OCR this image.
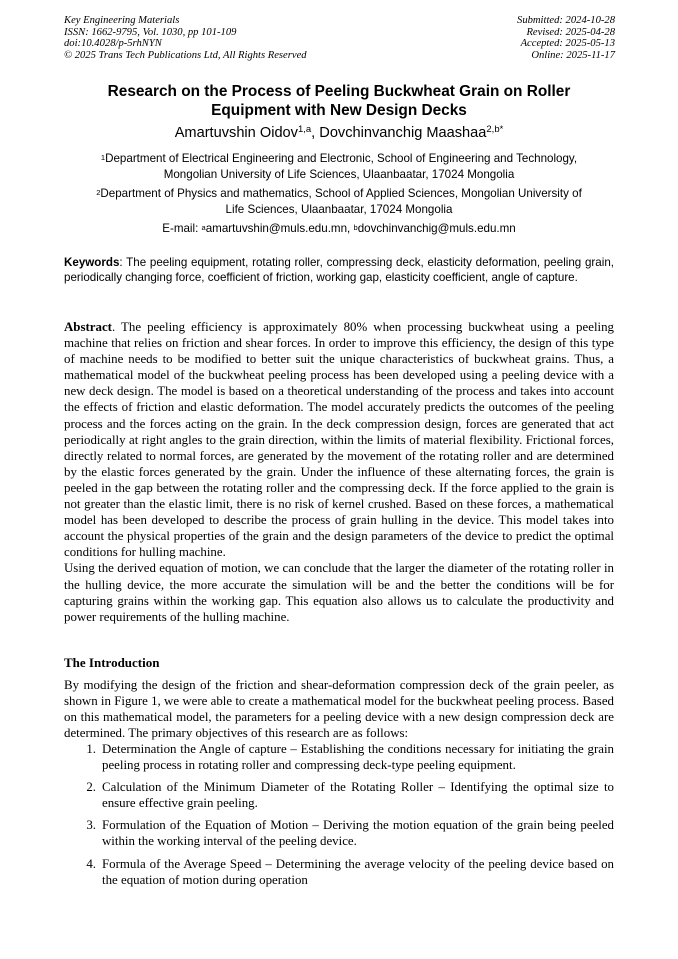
Key Engineering Materials
ISSN: 1662-9795, Vol. 1030, pp 101-109
doi:10.4028/p-5rhNYN
© 2025 Trans Tech Publications Ltd, All Rights Reserved
Submitted: 2024-10-28
Revised: 2025-04-28
Accepted: 2025-05-13
Online: 2025-11-17
Research on the Process of Peeling Buckwheat Grain on Roller
Equipment with New Design Decks
Amartuvshin Oidov$^{1,a}$, Dovchinvanchig Maashaa$^{2,b*}$
$^1$Department of Electrical Engineering and Electronic, School of Engineering and Technology,
Mongolian University of Life Sciences, Ulaanbaatar, 17024 Mongolia
$^2$Department of Physics and mathematics, School of Applied Sciences, Mongolian University of
Life Sciences, Ulaanbaatar, 17024 Mongolia
E-mail: $^a$amartuvshin@muls.edu.mn, $^b$dovchinvanchig@muls.edu.mn
Keywords: The peeling equipment, rotating roller, compressing deck, elasticity deformation, peeling grain, periodically changing force, coefficient of friction, working gap, elasticity coefficient, angle of capture.

Abstract. The peeling efficiency is approximately 80% when processing buckwheat using a peeling machine that relies on friction and shear forces. In order to improve this efficiency, the design of this type of machine needs to be modified to better suit the unique characteristics of buckwheat grains. Thus, a mathematical model of the buckwheat peeling process has been developed using a peeling device with a new deck design. The model is based on a theoretical understanding of the process and takes into account the effects of friction and elastic deformation. The model accurately predicts the outcomes of the peeling process and the forces acting on the grain. In the deck compression design, forces are generated that act periodically at right angles to the grain direction, within the limits of material flexibility. Frictional forces, directly related to normal forces, are generated by the movement of the rotating roller and are determined by the elastic forces generated by the grain. Under the influence of these alternating forces, the grain is peeled in the gap between the rotating roller and the compressing deck. If the force applied to the grain is not greater than the elastic limit, there is no risk of kernel crushed. Based on these forces, a mathematical model has been developed to describe the process of grain hulling in the device. This model takes into account the physical properties of the grain and the design parameters of the device to predict the optimal conditions for hulling machine.

Using the derived equation of motion, we can conclude that the larger the diameter of the rotating roller in the hulling device, the more accurate the simulation will be and the better the conditions will be for capturing grains within the working gap. This equation also allows us to calculate the productivity and power requirements of the hulling machine.

The Introduction

By modifying the design of the friction and shear-deformation compression deck of the grain peeler, as shown in Figure 1, we were able to create a mathematical model for the buckwheat peeling process. Based on this mathematical model, the parameters for a peeling device with a new design compression deck are determined. The primary objectives of this research are as follows:

1. Determination the Angle of capture – Establishing the conditions necessary for initiating the grain peeling process in rotating roller and compressing deck-type peeling equipment.
2. Calculation of the Minimum Diameter of the Rotating Roller – Identifying the optimal size to ensure effective grain peeling.
3. Formulation of the Equation of Motion – Deriving the motion equation of the grain being peeled within the working interval of the peeling device.
4. Formula of the Average Speed – Determining the average velocity of the peeling device based on the equation of motion during operation
